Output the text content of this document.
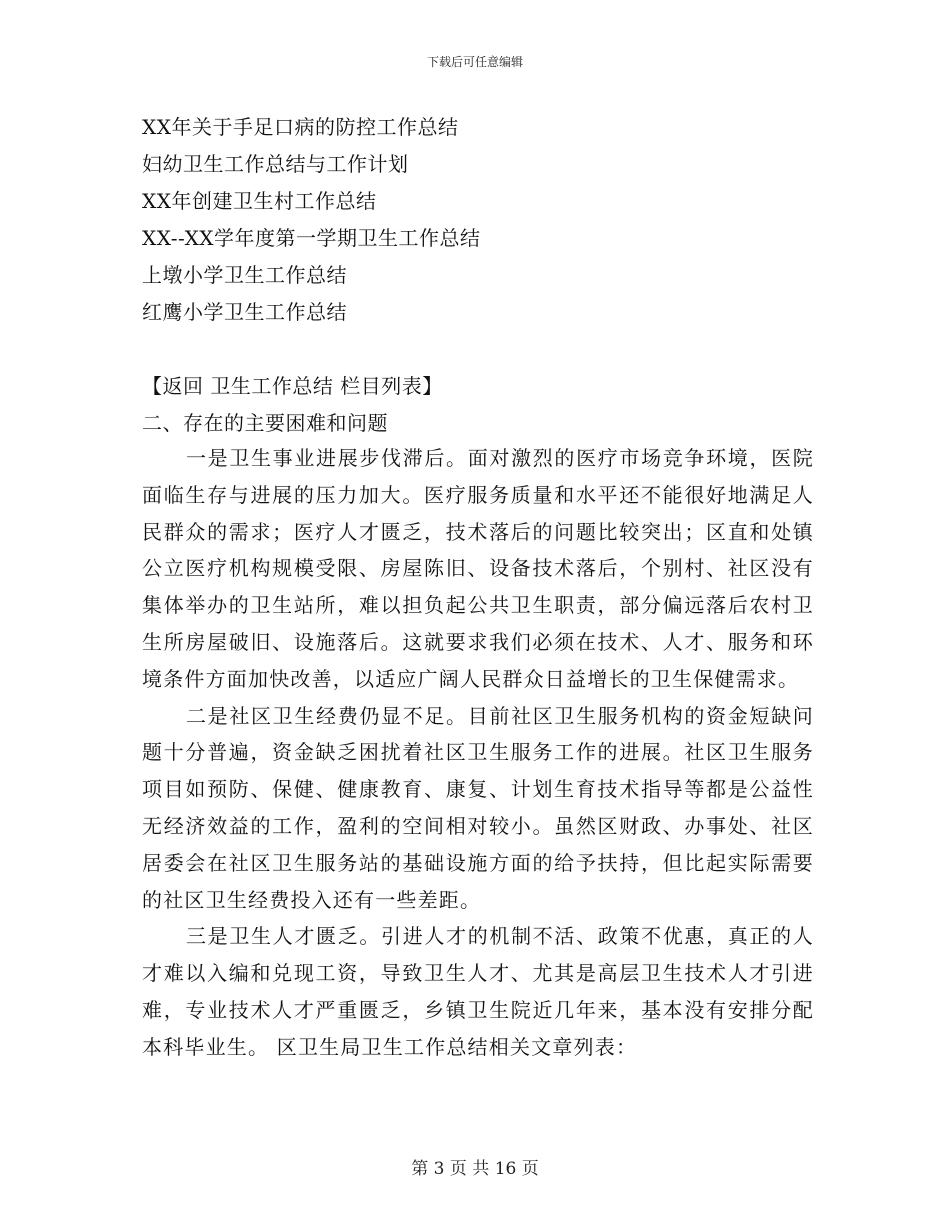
下载后可任意编辑
XX年关于手足口病的防控工作总结
妇幼卫生工作总结与工作计划
XX年创建卫生村工作总结
XX--XX学年度第一学期卫生工作总结
上墩小学卫生工作总结
红鹰小学卫生工作总结
【返回 卫生工作总结 栏目列表】
二、存在的主要困难和问题

一是卫生事业进展步伐滞后。面对激烈的医疗市场竞争环境，医院面临生存与进展的压力加大。医疗服务质量和水平还不能很好地满足人民群众的需求；医疗人才匮乏，技术落后的问题比较突出；区直和处镇公立医疗机构规模受限、房屋陈旧、设备技术落后，个别村、社区没有集体举办的卫生站所，难以担负起公共卫生职责，部分偏远落后农村卫生所房屋破旧、设施落后。这就要求我们必须在技术、人才、服务和环境条件方面加快改善，以适应广阔人民群众日益增长的卫生保健需求。

二是社区卫生经费仍显不足。目前社区卫生服务机构的资金短缺问题十分普遍，资金缺乏困扰着社区卫生服务工作的进展。社区卫生服务项目如预防、保健、健康教育、康复、计划生育技术指导等都是公益性无经济效益的工作，盈利的空间相对较小。虽然区财政、办事处、社区居委会在社区卫生服务站的基础设施方面的给予扶持，但比起实际需要的社区卫生经费投入还有一些差距。

三是卫生人才匮乏。引进人才的机制不活、政策不优惠，真正的人才难以入编和兑现工资，导致卫生人才、尤其是高层卫生技术人才引进难，专业技术人才严重匮乏，乡镇卫生院近几年来，基本没有安排分配本科毕业生。 区卫生局卫生工作总结相关文章列表：

第 3 页 共 16 页
